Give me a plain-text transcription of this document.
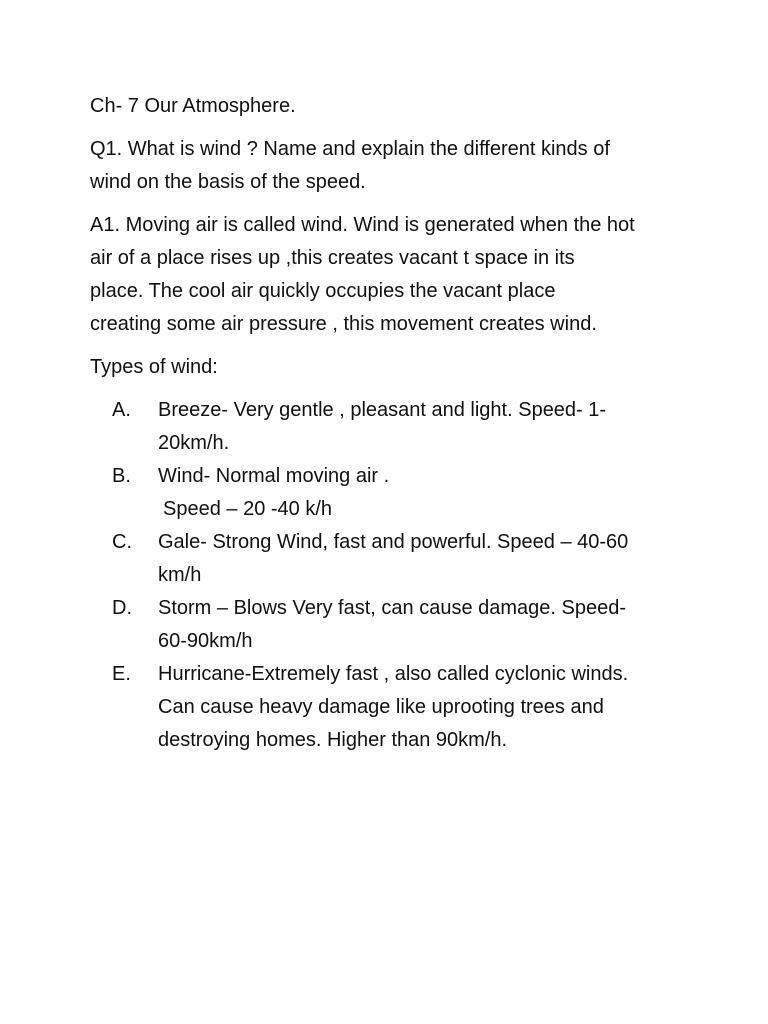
Ch- 7 Our Atmosphere.

Q1. What is wind ? Name and explain the different kinds of
wind on the basis of the speed.

A1. Moving air is called wind. Wind is generated when the hot
air of a place rises up ,this creates vacant t space in its
place. The cool air quickly occupies the vacant place
creating some air pressure , this movement creates wind.

Types of wind:

A.	Breeze- Very gentle , pleasant and light. Speed- 1-
20km/h.
B.	Wind- Normal moving air .
Speed – 20 -40 k/h
C.	Gale- Strong Wind, fast and powerful. Speed – 40-60
km/h
D.	Storm – Blows Very fast, can cause damage. Speed-
60-90km/h
E.	Hurricane-Extremely fast , also called cyclonic winds.
Can cause heavy damage like uprooting trees and
destroying homes. Higher than 90km/h.
